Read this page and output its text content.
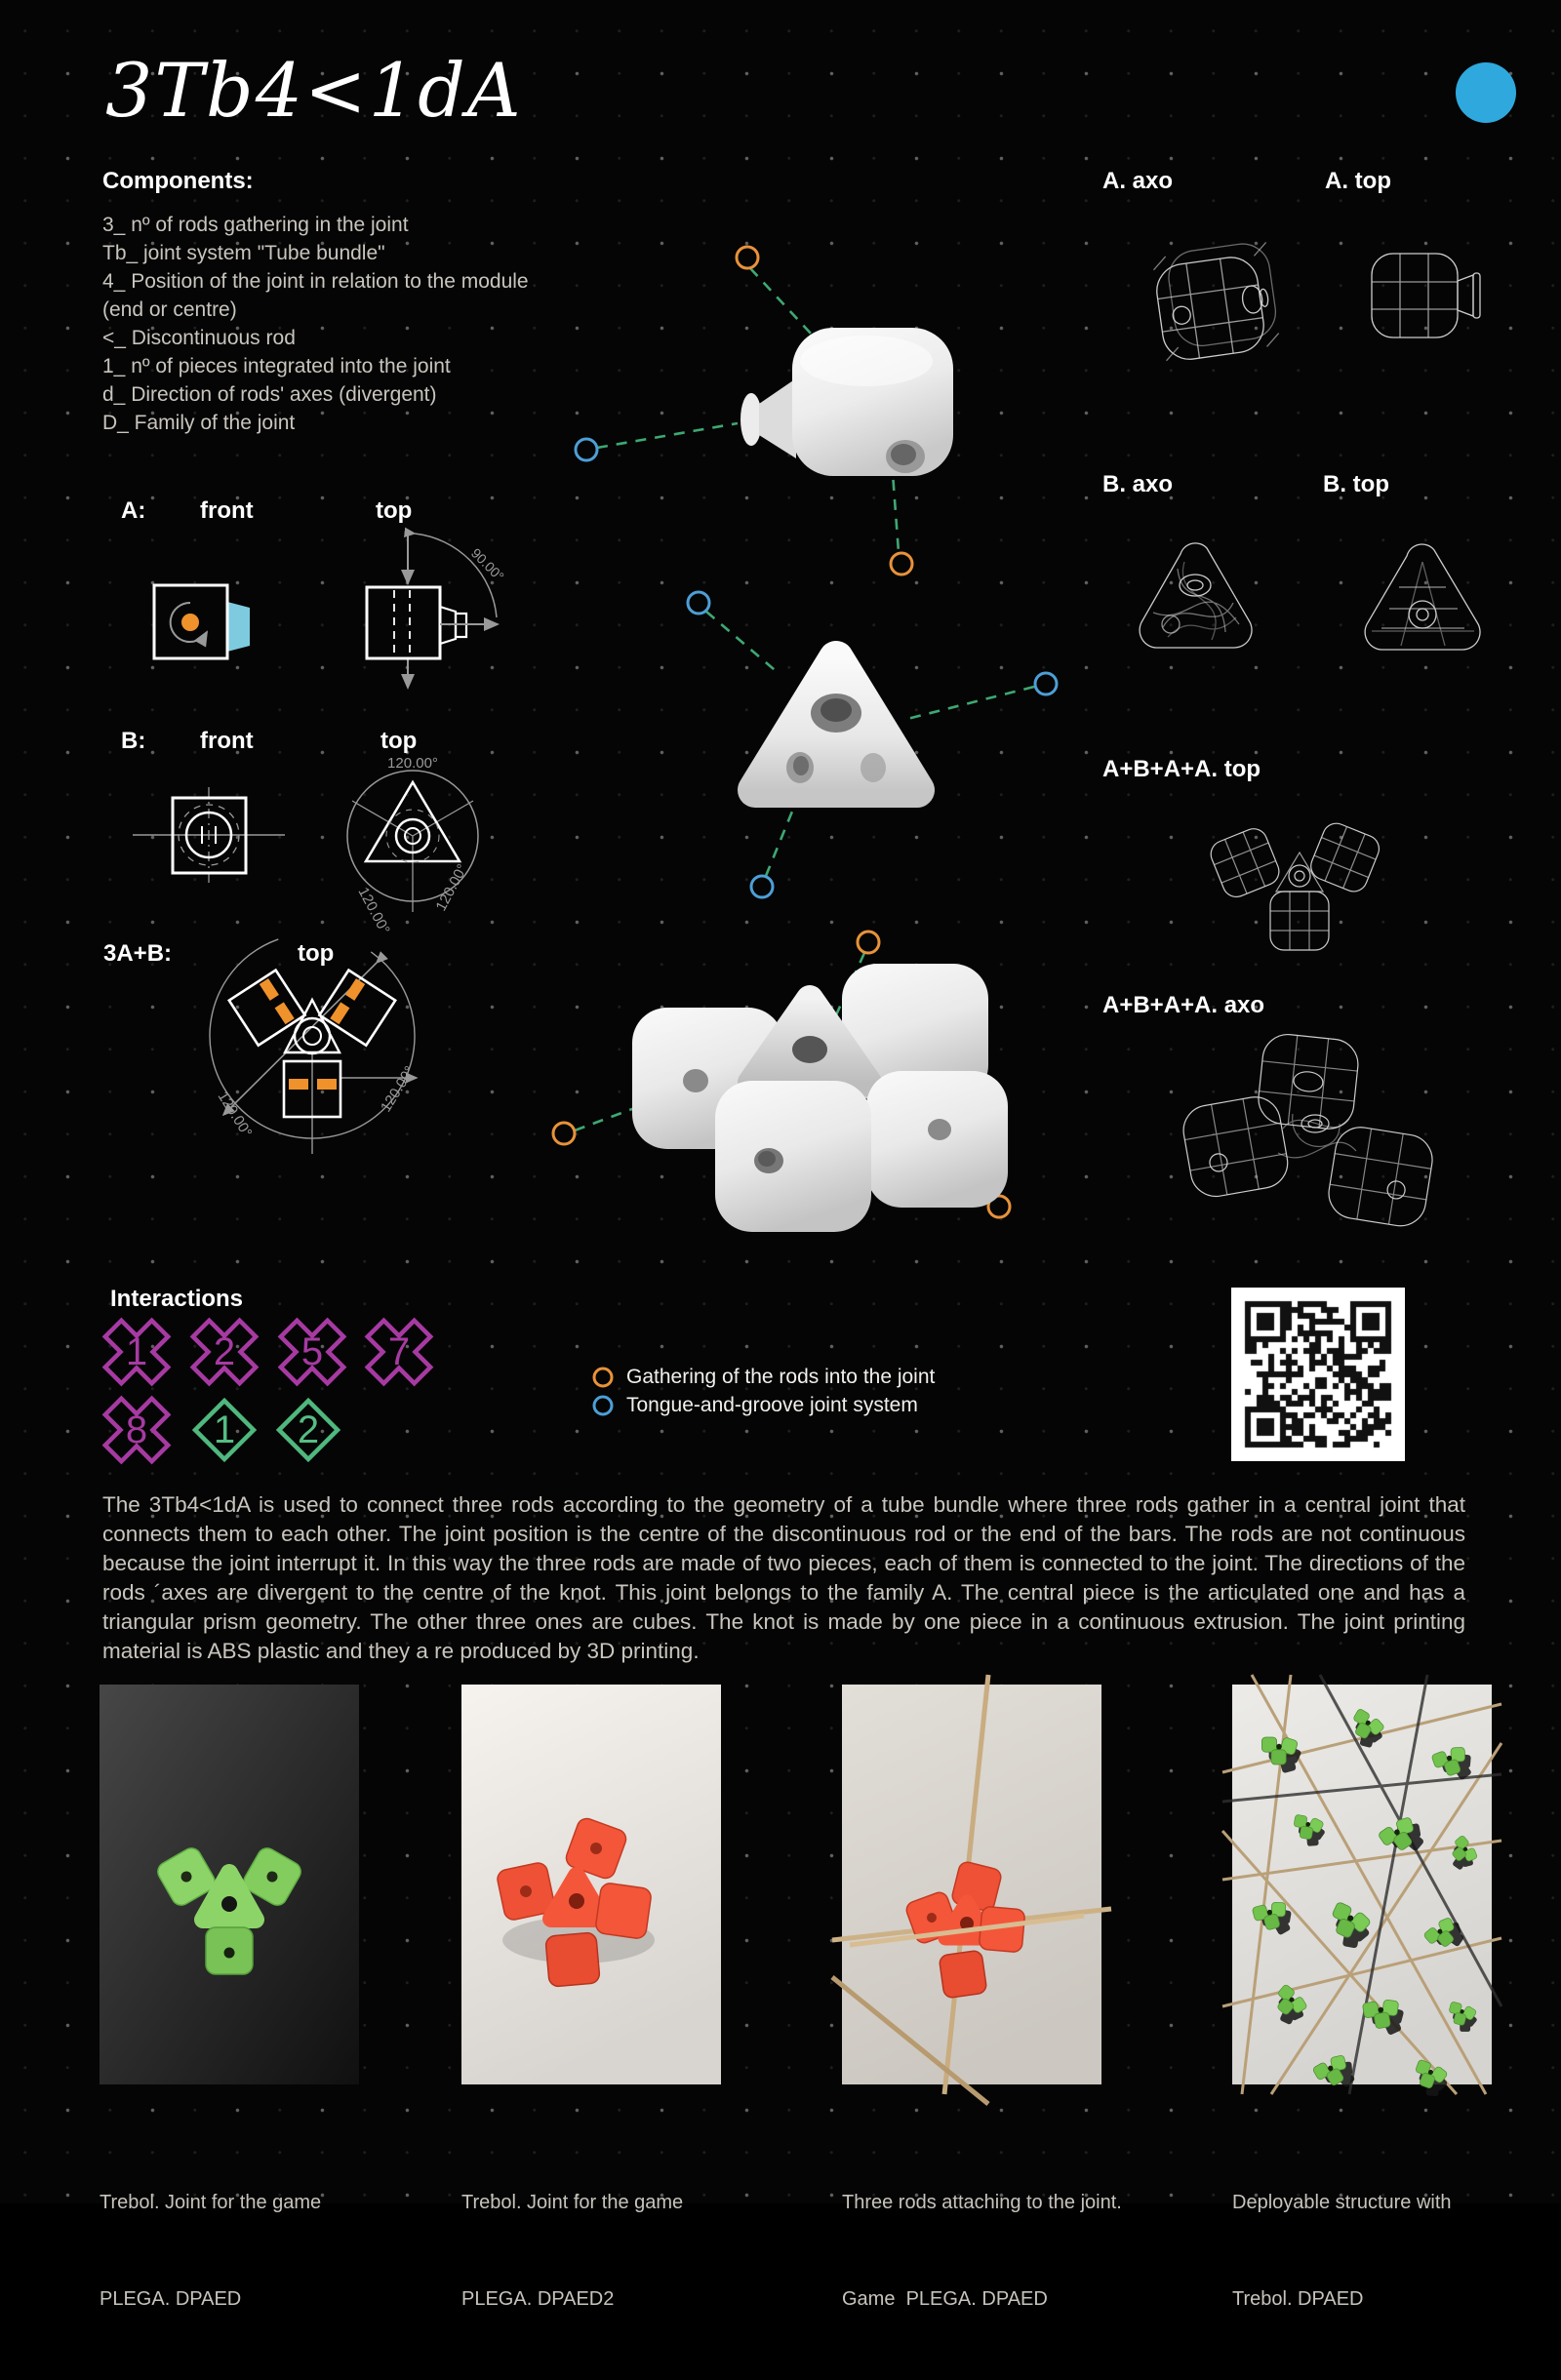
3Tb4<1dA
Components:
3_ nº of rods gathering in the joint
Tb_ joint system "Tube bundle"
4_ Position of the joint in relation to the module (end or centre)
<_ Discontinuous rod
1_ nº of pieces integrated into the joint
d_ Direction of rods' axes (divergent)
D_ Family of the joint
A. axo	A. top
B. axo	B. top
A+B+A+A. top
A+B+A+A. axo
A: front	top
90.00°
B: front	top
120.00°
120.00°	120.00°
3A+B:	top
120.00°	120.00°
Interactions
1	2	5	7
8	1	2
Gathering of the rods into the joint
Tongue-and-groove joint system
The 3Tb4<1dA is used to connect three rods according to the geometry of a tube bundle where three rods gather in a central joint that connects them to each other. The joint position is the centre of the discontinuous rod or the end of the bars. The rods are not continuous because the joint interrupt it. In this way the three rods are made of two pieces, each of them is connected to the joint. The directions of the rods ´axes are divergent to the centre of the knot. This joint belongs to the family A. The central piece is the articulated one and has a triangular prism geometry. The other three ones are cubes. The knot is made by one piece in a continuous extrusion. The joint printing material is ABS plastic and they a re produced by 3D printing.

Trebol. Joint for the game

PLEGA. DPAED

Trebol. Joint for the game

PLEGA. DPAED2

Three rods attaching to the joint.

Game  PLEGA. DPAED

Deployable structure with

Trebol. DPAED
